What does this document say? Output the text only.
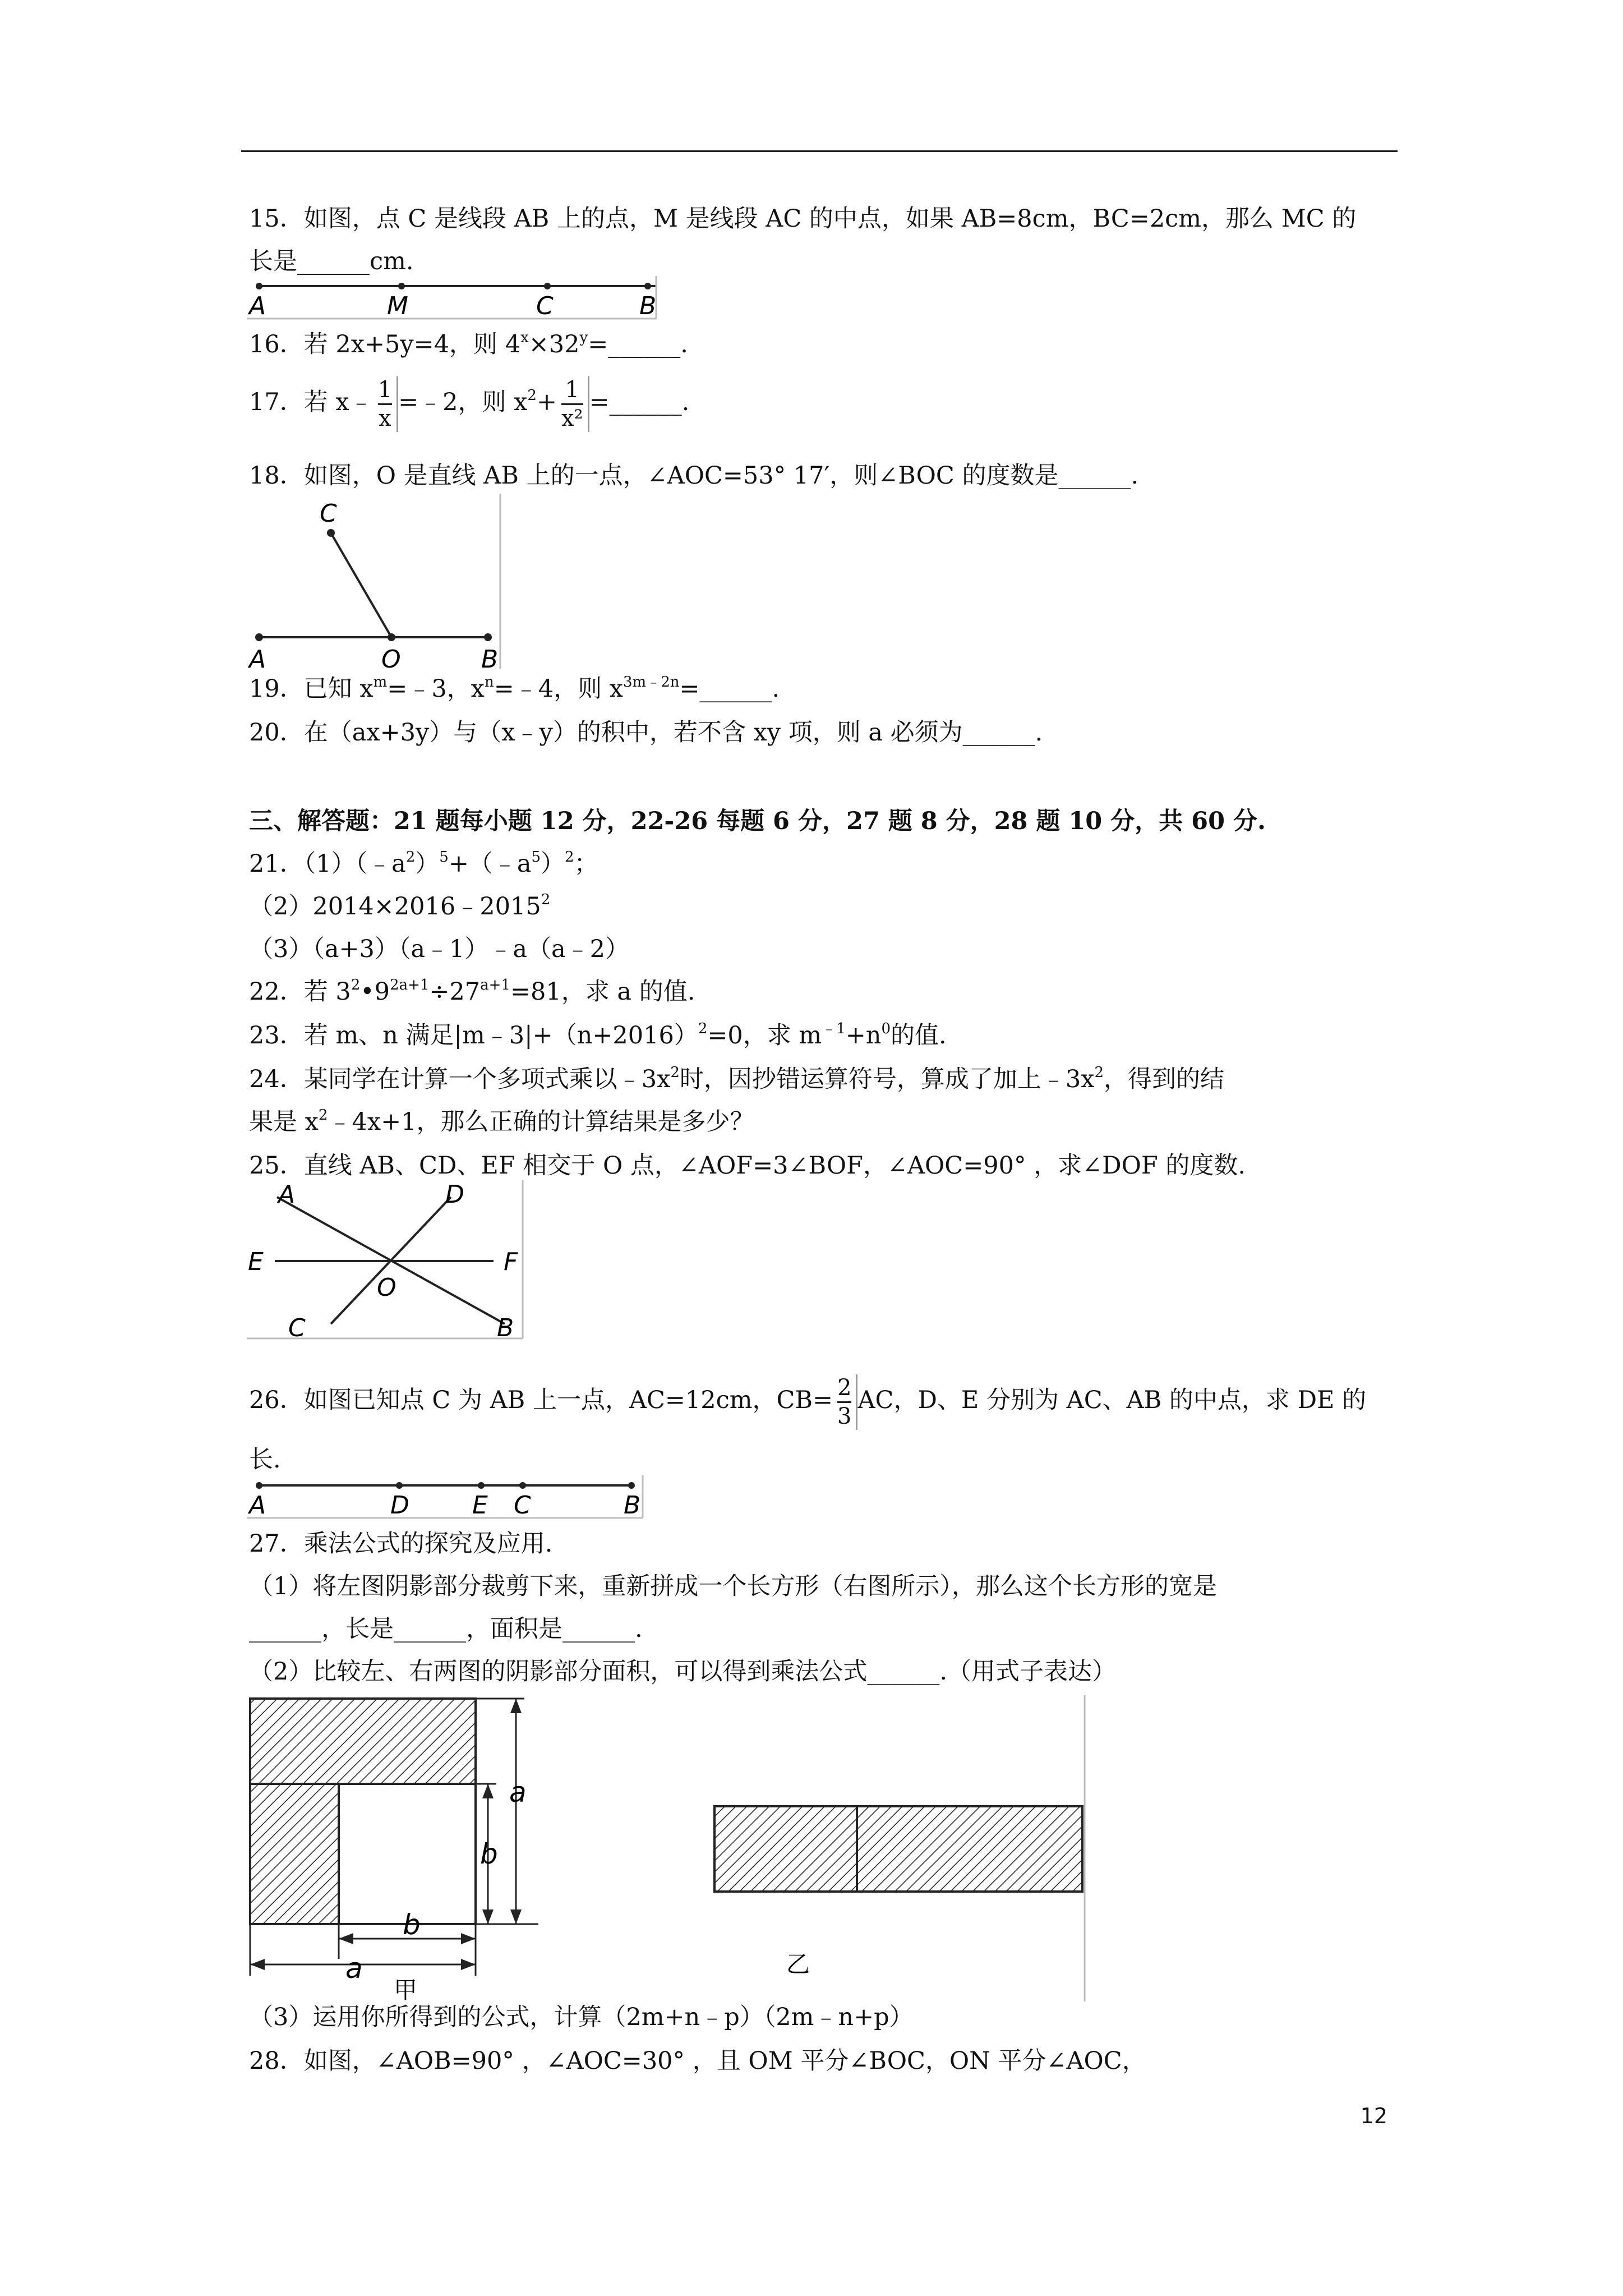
15．如图，点 C 是线段 AB 上的点，M 是线段 AC 的中点，如果 AB=8cm，BC=2cm，那么 MC 的
长是______cm.
A	M	C	B
16．若 2x+5y=4，则 $4^x\times 32^y=\_\_\_\_\_\_$.
17．若 x﹣ $\frac{1}{x}$ =﹣2，则 $x^2+ \frac{1}{\text{x²}}$ =______.
18．如图，O 是直线 AB 上的一点，∠AOC=53° 17′，则∠BOC 的度数是______.
C
A	O	B
19．已知 $x^m=﹣3$，$x^n=﹣4$，则 $x^{3m﹣2n}=\_\_\_\_\_\_$.
20．在（ax+3y）与（x﹣y）的积中，若不含 xy 项，则 a 必须为______.
三、解答题：21 题每小题 12 分，22-26 每题 6 分，27 题 8 分，28 题 10 分，共 60 分.
21．$(1)(﹣a^2)^5+(﹣a^5)^2$；
$(2)2014\times 2016﹣2015^2$
（3）（a+3）（a﹣1）﹣a（a﹣2）
22．若 $3^2•9^{2a+1}\div 27^{a+1}=81$，求 a 的值.
23．若 m、n 满足$|m﹣3|+(n+2016)^2=0$，求 $m^{﹣1}+n^0$的值.
24．某同学在计算一个多项式乘以$﹣3x^2$时，因抄错运算符号，算成了加上$﹣3x^2$，得到的结
果是 $x^2﹣4x+1$，那么正确的计算结果是多少？
25．直线 AB、CD、EF 相交于 O 点，∠AOF=3∠BOF，∠AOC=90° ，求∠DOF 的度数.
A	D
E	F
O
C	B
26．如图已知点 C 为 AB 上一点，AC=12cm，$CB= \frac{2}{3}$ AC，D、E 分别为 AC、AB 的中点，求 DE 的
长.
A	D	E C	B
27．乘法公式的探究及应用.
（1）将左图阴影部分裁剪下来，重新拼成一个长方形（右图所示），那么这个长方形的宽是
______，长是______，面积是______.
（2）比较左、右两图的阴影部分面积，可以得到乘法公式______.（用式子表达）
a
b
b
a
甲
乙
（3）运用你所得到的公式，计算（2m+n﹣p）（2m﹣n+p）
28．如图，∠AOB=90° ，∠AOC=30° ，且 OM 平分∠BOC，ON 平分∠AOC，
12
